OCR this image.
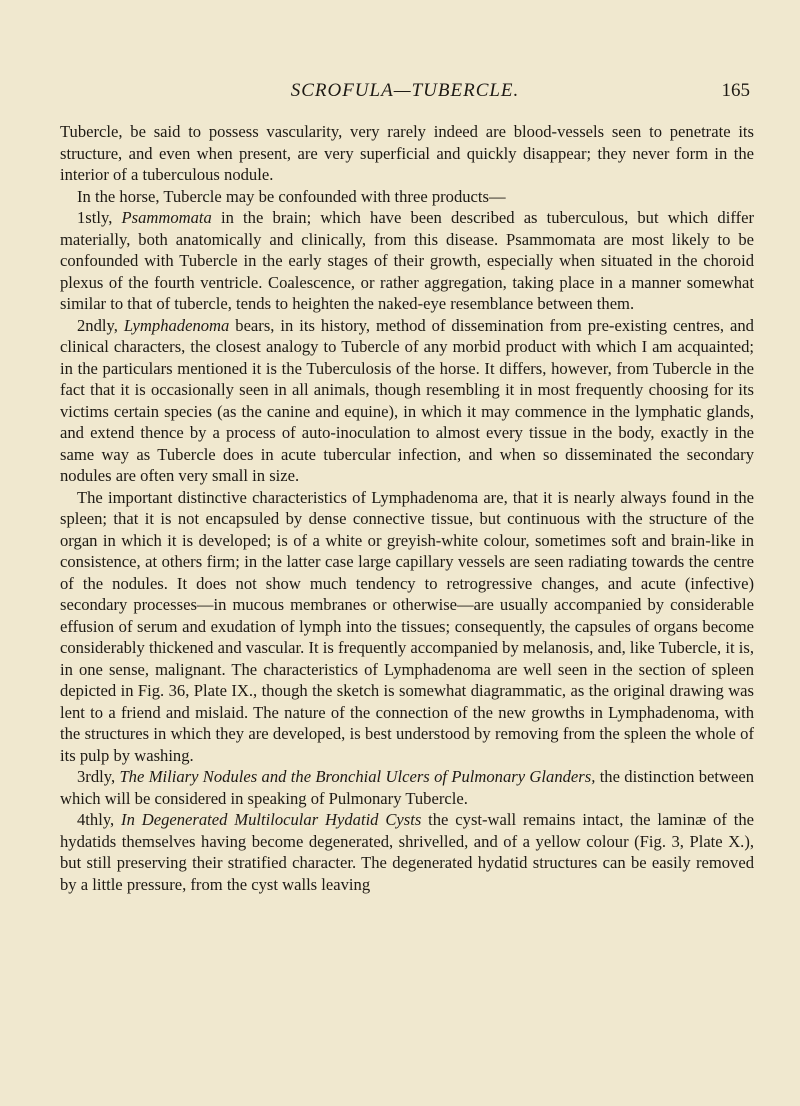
SCROFULA—TUBERCLE.	165

Tubercle, be said to possess vascularity, very rarely indeed are blood-vessels seen to penetrate its structure, and even when present, are very superficial and quickly disappear; they never form in the interior of a tuberculous nodule.

In the horse, Tubercle may be confounded with three products—

1stly, Psammomata in the brain; which have been described as tuberculous, but which differ materially, both anatomically and clinically, from this disease. Psammomata are most likely to be confounded with Tubercle in the early stages of their growth, especially when situated in the choroid plexus of the fourth ventricle. Coalescence, or rather aggregation, taking place in a manner somewhat similar to that of tubercle, tends to heighten the naked-eye resemblance between them.

2ndly, Lymphadenoma bears, in its history, method of dissemination from pre-existing centres, and clinical characters, the closest analogy to Tubercle of any morbid product with which I am acquainted; in the particulars mentioned it is the Tuberculosis of the horse. It differs, however, from Tubercle in the fact that it is occasionally seen in all animals, though resembling it in most frequently choosing for its victims certain species (as the canine and equine), in which it may commence in the lymphatic glands, and extend thence by a process of auto-inoculation to almost every tissue in the body, exactly in the same way as Tubercle does in acute tubercular infection, and when so disseminated the secondary nodules are often very small in size.

The important distinctive characteristics of Lymphadenoma are, that it is nearly always found in the spleen; that it is not encapsuled by dense connective tissue, but continuous with the structure of the organ in which it is developed; is of a white or greyish-white colour, sometimes soft and brain-like in consistence, at others firm; in the latter case large capillary vessels are seen radiating towards the centre of the nodules. It does not show much tendency to retrogressive changes, and acute (infective) secondary processes—in mucous membranes or otherwise—are usually accompanied by considerable effusion of serum and exudation of lymph into the tissues; consequently, the capsules of organs become considerably thickened and vascular. It is frequently accompanied by melanosis, and, like Tubercle, it is, in one sense, malignant. The characteristics of Lymphadenoma are well seen in the section of spleen depicted in Fig. 36, Plate IX., though the sketch is somewhat diagrammatic, as the original drawing was lent to a friend and mislaid. The nature of the connection of the new growths in Lymphadenoma, with the structures in which they are developed, is best understood by removing from the spleen the whole of its pulp by washing.

3rdly, The Miliary Nodules and the Bronchial Ulcers of Pulmonary Glanders, the distinction between which will be considered in speaking of Pulmonary Tubercle.

4thly, In Degenerated Multilocular Hydatid Cysts the cyst-wall remains intact, the laminæ of the hydatids themselves having become degenerated, shrivelled, and of a yellow colour (Fig. 3, Plate X.), but still preserving their stratified character. The degenerated hydatid structures can be easily removed by a little pressure, from the cyst walls leaving
